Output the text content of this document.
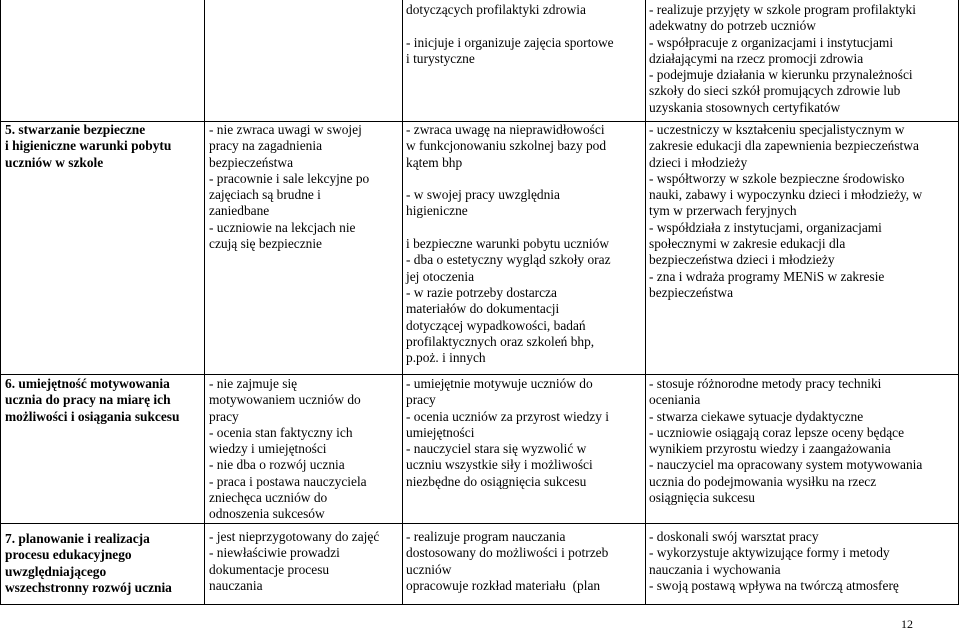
dotyczących profilaktyki zdrowia

- inicjuje i organizuje zajęcia sportowe
i turystyczne
- realizuje przyjęty w szkole program profilaktyki
adekwatny do potrzeb uczniów
- współpracuje z organizacjami i instytucjami
działającymi na rzecz promocji zdrowia
- podejmuje działania w kierunku przynależności
szkoły do sieci szkół promujących zdrowie lub
uzyskania stosownych certyfikatów
5. stwarzanie bezpieczne
i higieniczne warunki pobytu
uczniów w szkole
- nie zwraca uwagi w swojej
pracy na zagadnienia
bezpieczeństwa
- pracownie i sale lekcyjne po
zajęciach są brudne i
zaniedbane
- uczniowie na lekcjach nie
czują się bezpiecznie
- zwraca uwagę na nieprawidłowości
w funkcjonowaniu szkolnej bazy pod
kątem bhp

- w swojej pracy uwzględnia
higieniczne

i bezpieczne warunki pobytu uczniów
- dba o estetyczny wygląd szkoły oraz
jej otoczenia
- w razie potrzeby dostarcza
materiałów do dokumentacji
dotyczącej wypadkowości, badań
profilaktycznych oraz szkoleń bhp,
p.poż. i innych
- uczestniczy w kształceniu specjalistycznym w
zakresie edukacji dla zapewnienia bezpieczeństwa
dzieci i młodzieży
- współtworzy w szkole bezpieczne środowisko
nauki, zabawy i wypoczynku dzieci i młodzieży, w
tym w przerwach feryjnych
- współdziała z instytucjami, organizacjami
społecznymi w zakresie edukacji dla
bezpieczeństwa dzieci i młodzieży
- zna i wdraża programy MENiS w zakresie
bezpieczeństwa
6. umiejętność motywowania
ucznia do pracy na miarę ich
możliwości i osiągania sukcesu
- nie zajmuje się
motywowaniem uczniów do
pracy
- ocenia stan faktyczny ich
wiedzy i umiejętności
- nie dba o rozwój ucznia
- praca i postawa nauczyciela
zniechęca uczniów do
odnoszenia sukcesów
- umiejętnie motywuje uczniów do
pracy
- ocenia uczniów za przyrost wiedzy i
umiejętności
- nauczyciel stara się wyzwolić w
uczniu wszystkie siły i możliwości
niezbędne do osiągnięcia sukcesu
- stosuje różnorodne metody pracy techniki
oceniania
- stwarza ciekawe sytuacje dydaktyczne
- uczniowie osiągają coraz lepsze oceny będące
wynikiem przyrostu wiedzy i zaangażowania
- nauczyciel ma opracowany system motywowania
ucznia do podejmowania wysiłku na rzecz
osiągnięcia sukcesu
7. planowanie i realizacja
procesu edukacyjnego
uwzględniającego
wszechstronny rozwój ucznia
- jest nieprzygotowany do zajęć
- niewłaściwie prowadzi
dokumentacje procesu
nauczania
- realizuje program nauczania
dostosowany do możliwości i potrzeb
uczniów
opracowuje rozkład materiału  (plan
- doskonali swój warsztat pracy
- wykorzystuje aktywizujące formy i metody
nauczania i wychowania
- swoją postawą wpływa na twórczą atmosferę
12
